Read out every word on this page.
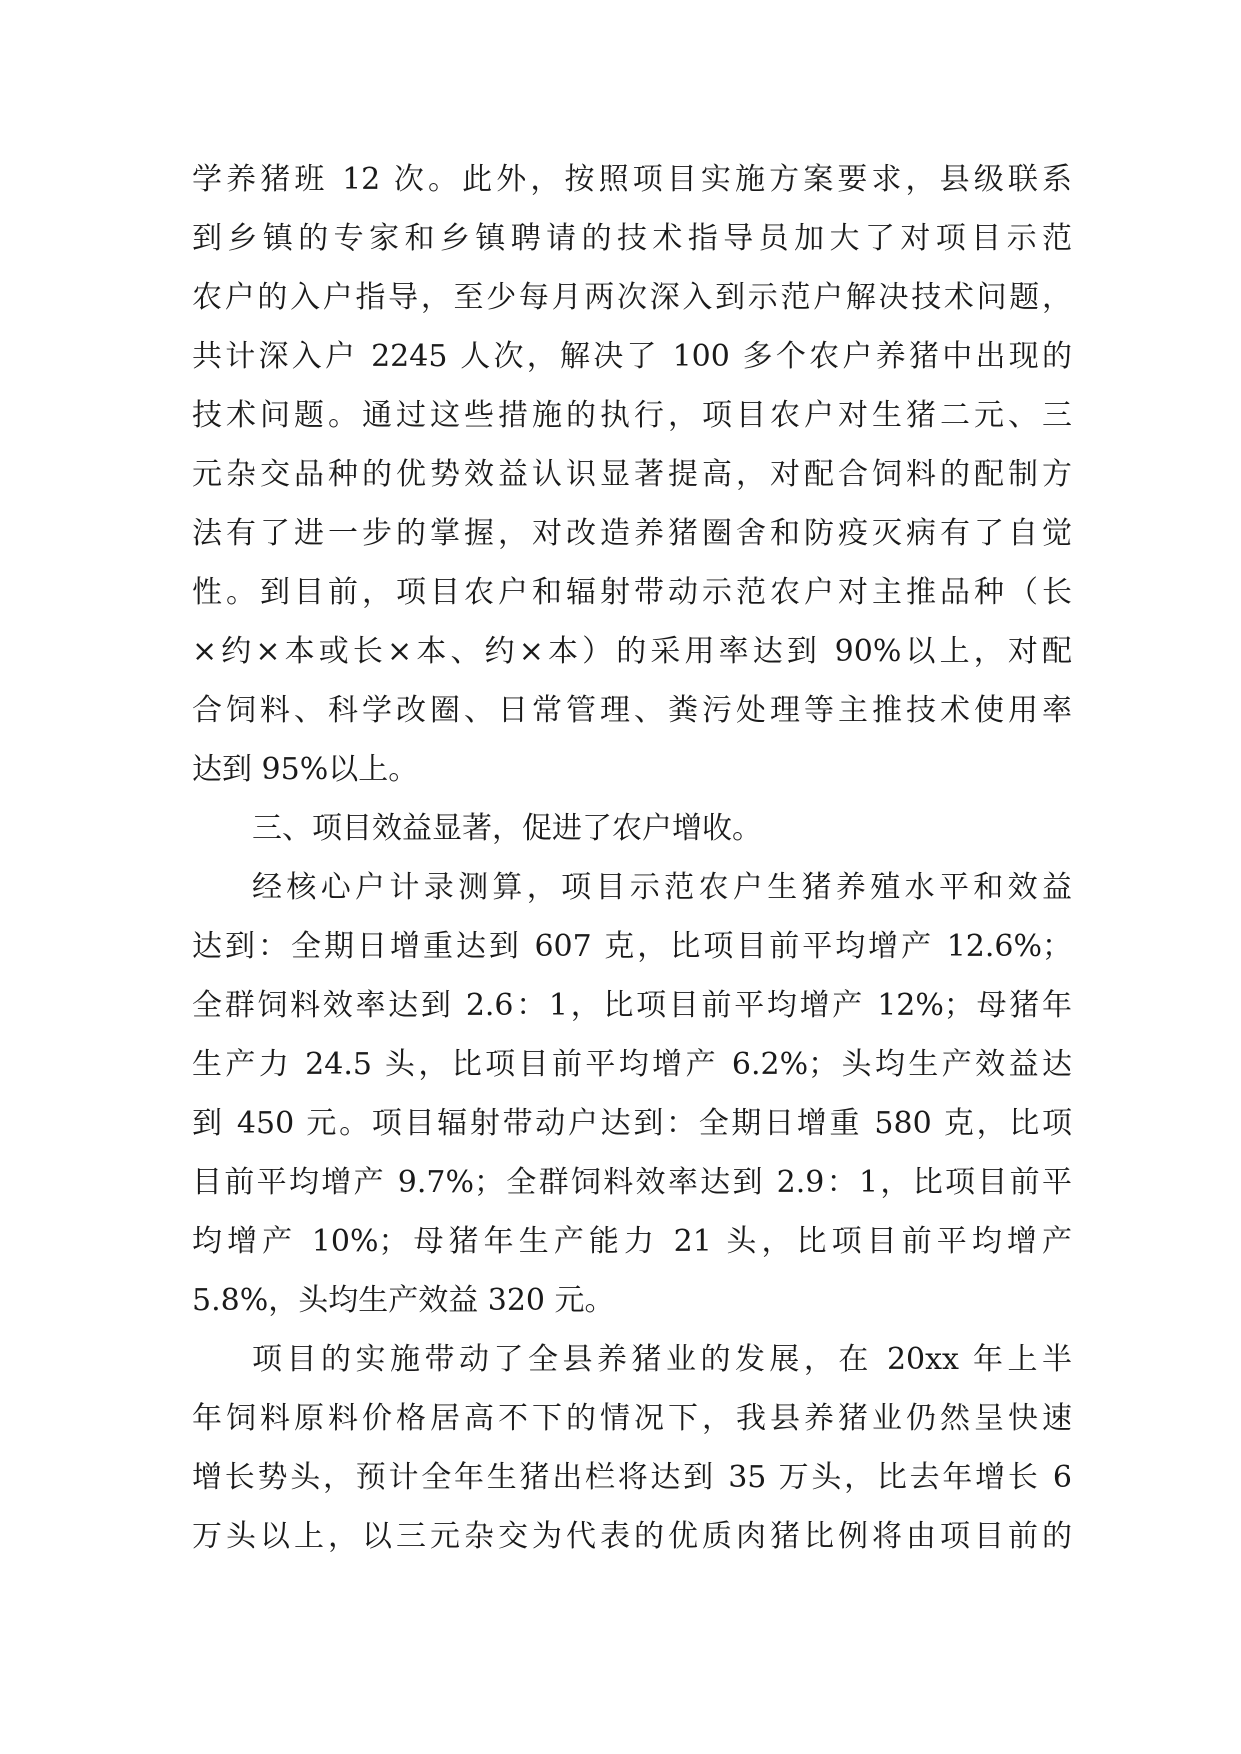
学养猪班 12 次。此外，按照项目实施方案要求，县级联系
到乡镇的专家和乡镇聘请的技术指导员加大了对项目示范
农户的入户指导，至少每月两次深入到示范户解决技术问题，
共计深入户 2245 人次，解决了 100 多个农户养猪中出现的
技术问题。通过这些措施的执行，项目农户对生猪二元、三
元杂交品种的优势效益认识显著提高，对配合饲料的配制方
法有了进一步的掌握，对改造养猪圈舍和防疫灭病有了自觉
性。到目前，项目农户和辐射带动示范农户对主推品种（长
×约×本或长×本、约×本）的采用率达到 90%以上，对配
合饲料、科学改圈、日常管理、粪污处理等主推技术使用率
达到 95%以上。
三、项目效益显著，促进了农户增收。
经核心户计录测算，项目示范农户生猪养殖水平和效益
达到：全期日增重达到 607 克，比项目前平均增产 12.6%；
全群饲料效率达到 2.6：1，比项目前平均增产 12%；母猪年
生产力 24.5 头，比项目前平均增产 6.2%；头均生产效益达
到 450 元。项目辐射带动户达到：全期日增重 580 克，比项
目前平均增产 9.7%；全群饲料效率达到 2.9：1，比项目前平
均增产 10%；母猪年生产能力 21 头，比项目前平均增产
5.8%，头均生产效益 320 元。
项目的实施带动了全县养猪业的发展，在 20xx 年上半
年饲料原料价格居高不下的情况下，我县养猪业仍然呈快速
增长势头，预计全年生猪出栏将达到 35 万头，比去年增长 6
万头以上，以三元杂交为代表的优质肉猪比例将由项目前的
